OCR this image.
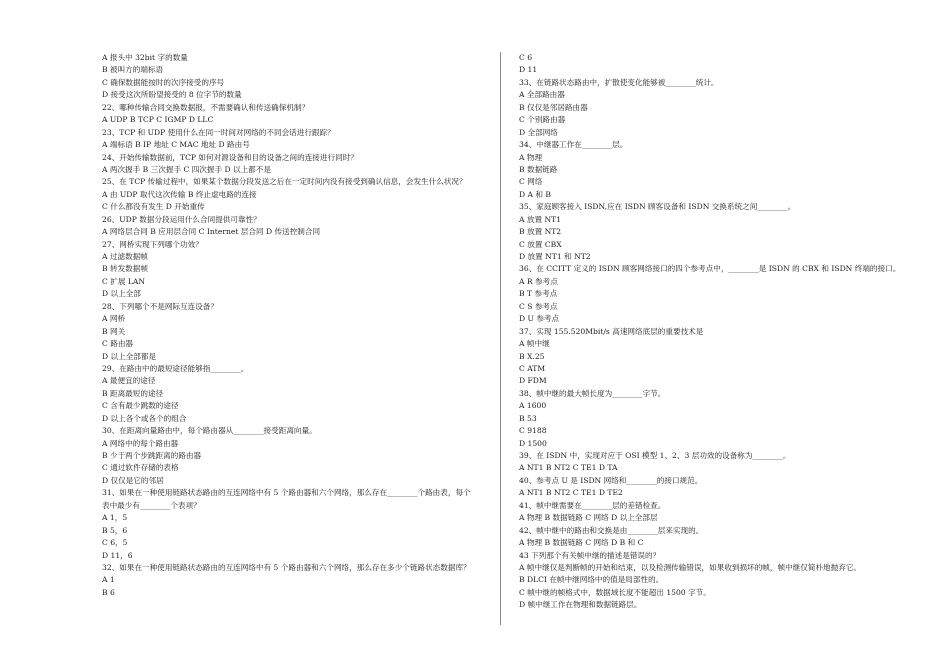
A 报头中 32bit 字的数量
B 被叫方的端标语
C 确保数据能按时的次序接受的序号
D 接受这次所盼望接受的 8 位字节的数量
22、哪种传输合同交换数据报，不需要确认和传送确保机制？
A UDP B TCP C IGMP D LLC
23、TCP 和 UDP 使用什么在同一时间对网络的不同会话进行跟踪？
A 端标语 B IP 地址 C MAC 地址 D 路由号
24、开始传输数据前，TCP 如何对源设备和目的设备之间的连接进行同时？
A 两次握手 B 三次握手 C 四次握手 D 以上都不是
25、在 TCP 传输过程中，如果某个数据分段发送之后在一定时间内没有接受到确认信息，会发生什么状况？
A 由 UDP 取代这次传输 B 终止虚电路的连接
C 什么都没有发生 D 开始重传
26、UDP 数据分段运用什么合同提供可靠性？
A 网络层合同 B 应用层合同 C Internet 层合同 D 传送控制合同
27、网桥实现下列哪个功效？
A 过滤数据帧
B 转发数据帧
C 扩展 LAN
D 以上全部
28、下列哪个不是网际互连设备？
A 网桥
B 网关
C 路由器
D 以上全部都是
29、在路由中的最短途径能够指________。
A 最便宜的途径
B 距离最短的途径
C 含有最少跳数的途径
D 以上各个或各个的组合
30、在距离向量路由中，每个路由器从________接受距离向量。
A 网络中的每个路由器
B 少于两个步跳距离的路由器
C 通过软件存储的表格
D 仅仅是它的邻居
31、如果在一种使用链路状态路由的互连网络中有 5 个路由器和六个网络，那么存在________个路由表，每个表中最少有________个表项？
A 1，5
B 5，6
C 6，5
D 11，6
32、如果在一种使用链路状态路由的互连网络中有 5 个路由器和六个网络，那么存在多少个链路状态数据库？
A 1
B 6
C 6
D 11
33、在链路状态路由中，扩散使变化能够被________统计。
A 全部路由器
B 仅仅是邻居路由器
C 个别路由器
D 全部网络
34、中继器工作在________层。
A 物理
B 数据链路
C 网络
D A 和 B
35、家庭顾客接入 ISDN,应在 ISDN 顾客设备和 ISDN 交换系统之间________。
A 放置 NT1
B 放置 NT2
C 放置 CBX
D 放置 NT1 和 NT2
36、在 CCITT 定义的 ISDN 顾客网络接口的四个参考点中，________是 ISDN 的 CBX 和 ISDN 终端的接口。
A R 参考点
B T 参考点
C S 参考点
D U 参考点
37、实现 155.520Mbit/s 高速网络底层的重要技术是
A 帧中继
B X.25
C ATM
D FDM
38、帧中继的最大帧长度为________字节。
A 1600
B 53
C 9188
D 1500
39、在 ISDN 中，实现对应于 OSI 模型 1、2、3 层功效的设备称为________。
A NT1 B NT2 C TE1 D TA
40、参考点 U 是 ISDN 网络和________的接口规范。
A NT1 B NT2 C TE1 D TE2
41、帧中继需要在________层的差错检查。
A 物理 B 数据链路 C 网络 D 以上全部层
42、帧中继中的路由和交换是由________层来实现的。
A 物理 B 数据链路 C 网络 D B 和 C
43 下列那个有关帧中继的描述是错误的？
A 帧中继仅是判断帧的开始和结束，以及检测传输错误，如果收到损坏的帧，帧中继仅简朴地抛弃它。
B DLCI 在帧中继网络中的值是局部性的。
C 帧中继的帧格式中，数据域长度不能超出 1500 字节。
D 帧中继工作在物理和数据链路层。
